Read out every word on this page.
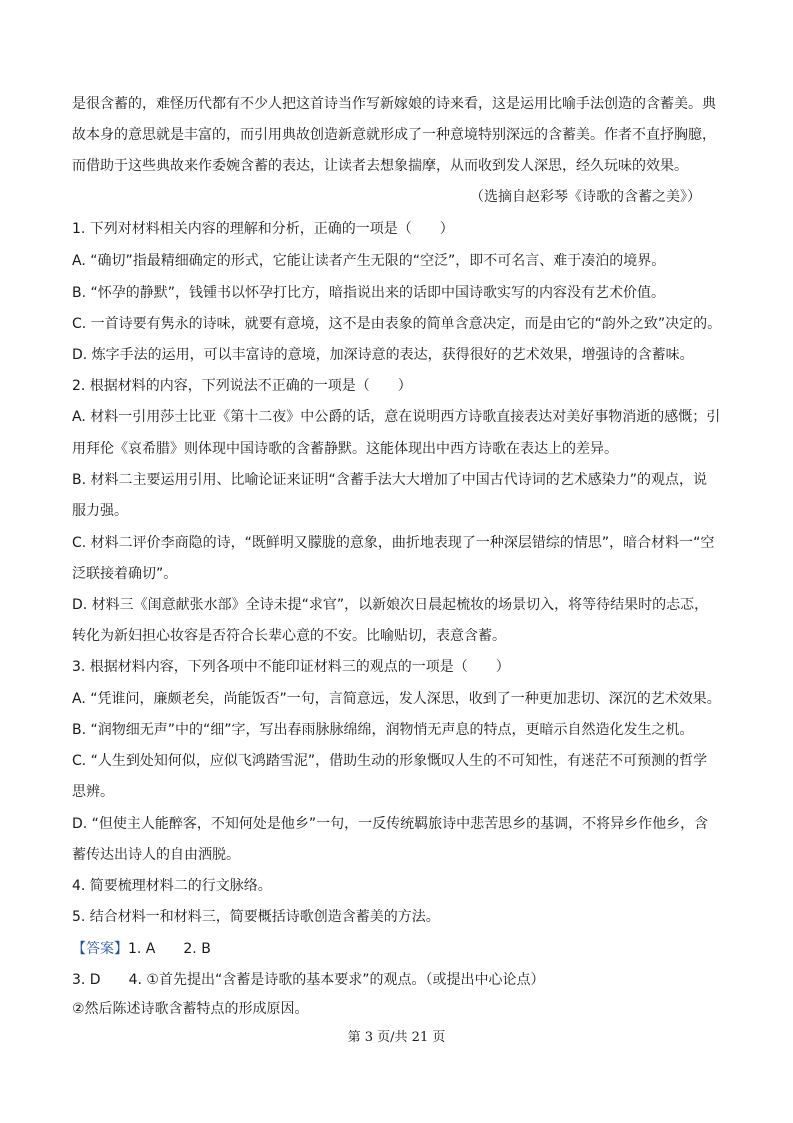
是很含蓄的，难怪历代都有不少人把这首诗当作写新嫁娘的诗来看，这是运用比喻手法创造的含蓄美。典
故本身的意思就是丰富的，而引用典故创造新意就形成了一种意境特别深远的含蓄美。作者不直抒胸臆，
而借助于这些典故来作委婉含蓄的表达，让读者去想象揣摩，从而收到发人深思，经久玩味的效果。
（选摘自赵彩琴《诗歌的含蓄之美》）
1. 下列对材料相关内容的理解和分析，正确的一项是（　　）
A. “确切”指最精细确定的形式，它能让读者产生无限的“空泛”，即不可名言、难于凑泊的境界。
B. “怀孕的静默”，钱锺书以怀孕打比方，暗指说出来的话即中国诗歌实写的内容没有艺术价值。
C. 一首诗要有隽永的诗味，就要有意境，这不是由表象的简单含意决定，而是由它的“韵外之致”决定的。
D. 炼字手法的运用，可以丰富诗的意境，加深诗意的表达，获得很好的艺术效果，增强诗的含蓄味。
2. 根据材料的内容，下列说法不正确的一项是（　　）
A. 材料一引用莎士比亚《第十二夜》中公爵的话，意在说明西方诗歌直接表达对美好事物消逝的感慨；引
用拜伦《哀希腊》则体现中国诗歌的含蓄静默。这能体现出中西方诗歌在表达上的差异。
B. 材料二主要运用引用、比喻论证来证明“含蓄手法大大增加了中国古代诗词的艺术感染力”的观点，说
服力强。
C. 材料二评价李商隐的诗，“既鲜明又朦胧的意象，曲折地表现了一种深层错综的情思”，暗合材料一“空
泛联接着确切”。
D. 材料三《闺意献张水部》全诗未提“求官”，以新娘次日晨起梳妆的场景切入，将等待结果时的忐忑，
转化为新妇担心妆容是否符合长辈心意的不安。比喻贴切，表意含蓄。
3. 根据材料内容，下列各项中不能印证材料三的观点的一项是（　　）
A. “凭谁问，廉颇老矣，尚能饭否”一句，言简意远，发人深思，收到了一种更加悲切、深沉的艺术效果。
B. “润物细无声”中的“细”字，写出春雨脉脉绵绵，润物悄无声息的特点，更暗示自然造化发生之机。
C. “人生到处知何似，应似飞鸿踏雪泥”，借助生动的形象慨叹人生的不可知性，有迷茫不可预测的哲学
思辨。
D. “但使主人能醉客，不知何处是他乡”一句，一反传统羁旅诗中悲苦思乡的基调，不将异乡作他乡，含
蓄传达出诗人的自由洒脱。
4. 简要梳理材料二的行文脉络。
5. 结合材料一和材料三，简要概括诗歌创造含蓄美的方法。
【答案】1. A　　2. B
3. D　　4. ①首先提出“含蓄是诗歌的基本要求”的观点。（或提出中心论点）
②然后陈述诗歌含蓄特点的形成原因。
第 3 页/共 21 页
